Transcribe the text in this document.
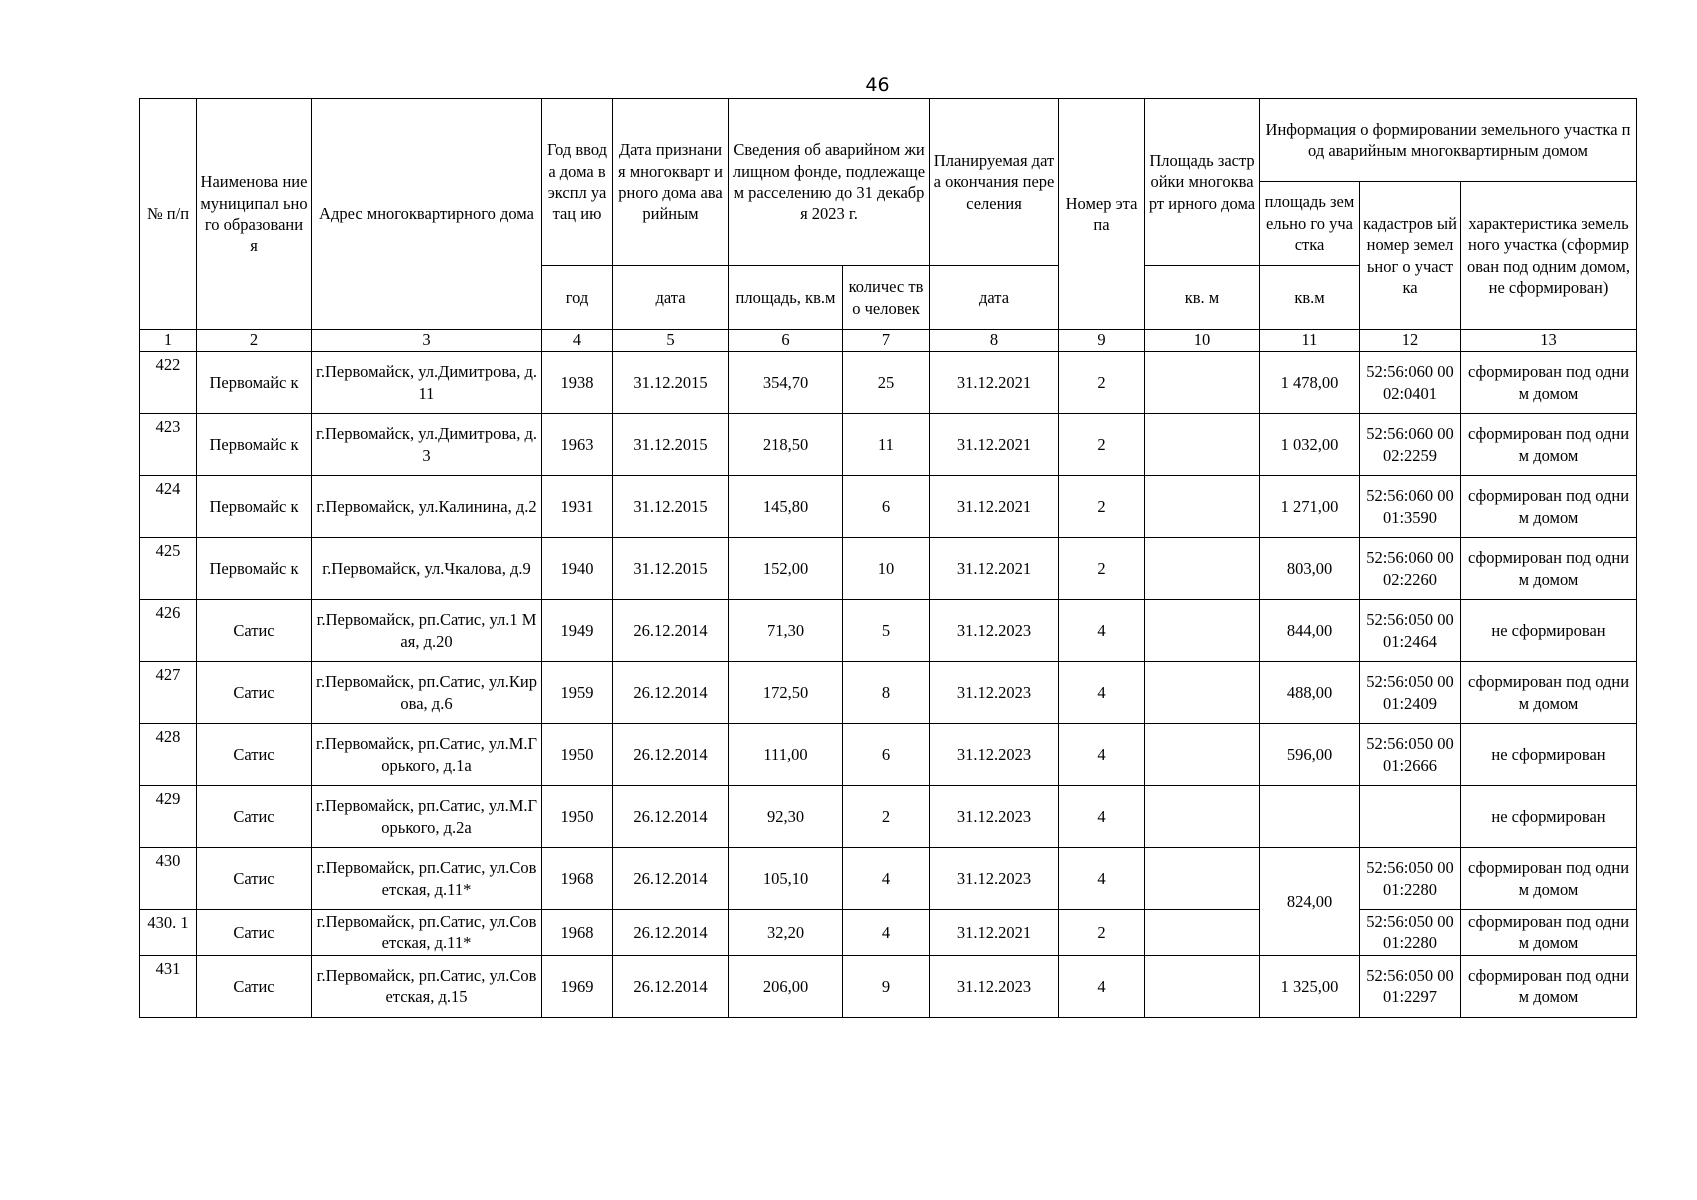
46
№ п/п	Наименова ние муниципал ьного образовани я	Адрес многоквартирного дома	Год ввода дома в экспл уатац ию	Дата признания многокварт ирного дома аварийным	Сведения об аварийном жилищном фонде, подлежащем расселению до 31 декабря 2023 г.		Планируемая дата окончания переселения	Номер этапа	Площадь застройки многокварт ирного дома	Информация о формировании земельного участка под аварийным многоквартирным домом		
										площадь земельно го участка	кадастров ый номер земельног о участка	характеристика земельного участка (сформирован под одним домом, не сформирован)
			год	дата	площадь, кв.м	количес тво человек	дата		кв. м	кв.м		
1	2	3	4	5	6	7	8	9	10	11	12	13
422	Первомайс к	г.Первомайск, ул.Димитрова, д.11	1938	31.12.2015	354,70	25	31.12.2021	2		1 478,00	52:56:060 0002:0401	сформирован под одним домом
423	Первомайс к	г.Первомайск, ул.Димитрова, д.3	1963	31.12.2015	218,50	11	31.12.2021	2		1 032,00	52:56:060 0002:2259	сформирован под одним домом
424	Первомайс к	г.Первомайск, ул.Калинина, д.2	1931	31.12.2015	145,80	6	31.12.2021	2		1 271,00	52:56:060 0001:3590	сформирован под одним домом
425	Первомайс к	г.Первомайск, ул.Чкалова, д.9	1940	31.12.2015	152,00	10	31.12.2021	2		803,00	52:56:060 0002:2260	сформирован под одним домом
426	Сатис	г.Первомайск, рп.Сатис, ул.1 Мая, д.20	1949	26.12.2014	71,30	5	31.12.2023	4		844,00	52:56:050 0001:2464	не сформирован
427	Сатис	г.Первомайск, рп.Сатис, ул.Кирова, д.6	1959	26.12.2014	172,50	8	31.12.2023	4		488,00	52:56:050 0001:2409	сформирован под одним домом
428	Сатис	г.Первомайск, рп.Сатис, ул.М.Горького, д.1а	1950	26.12.2014	111,00	6	31.12.2023	4		596,00	52:56:050 0001:2666	не сформирован
429	Сатис	г.Первомайск, рп.Сатис, ул.М.Горького, д.2а	1950	26.12.2014	92,30	2	31.12.2023	4				не сформирован
430	Сатис	г.Первомайск, рп.Сатис, ул.Советская, д.11*	1968	26.12.2014	105,10	4	31.12.2023	4		824,00	52:56:050 0001:2280	сформирован под одним домом
430. 1	Сатис	г.Первомайск, рп.Сатис, ул.Советская, д.11*	1968	26.12.2014	32,20	4	31.12.2021	2			52:56:050 0001:2280	сформирован под одним домом
431	Сатис	г.Первомайск, рп.Сатис, ул.Советская, д.15	1969	26.12.2014	206,00	9	31.12.2023	4		1 325,00	52:56:050 0001:2297	сформирован под одним домом
